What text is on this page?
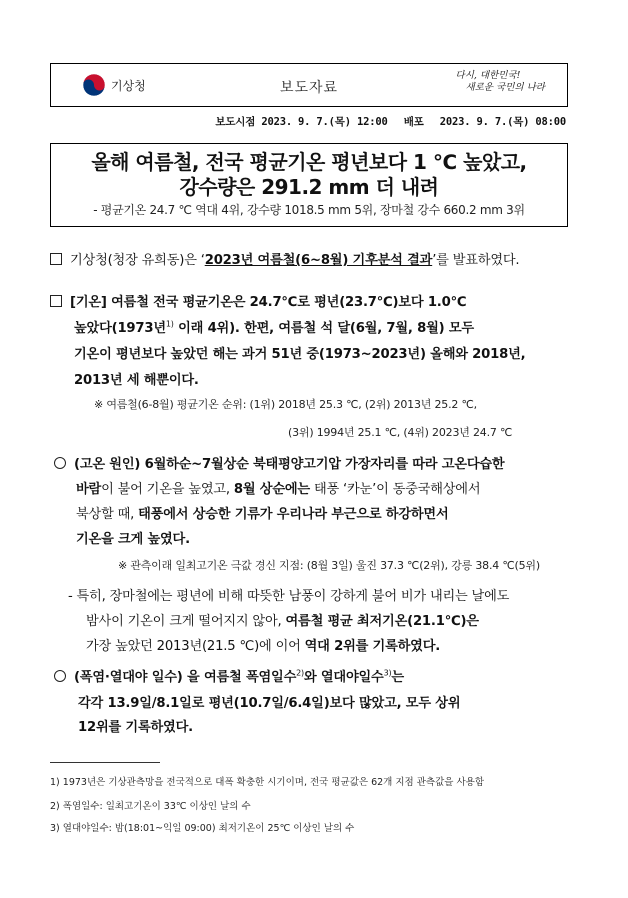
기상청	보도자료
다시, 대한민국!
새로운 국민의 나라
보도시점 2023. 9. 7.(목) 12:00 배포 2023. 9. 7.(목) 08:00
올해 여름철, 전국 평균기온 평년보다 1 ℃ 높았고,
강수량은 291.2 mm 더 내려
- 평균기온 24.7 ℃ 역대 4위, 강수량 1018.5 mm 5위, 장마철 강수 660.2 mm 3위
기상청(청장 유희동)은 ‘2023년 여름철(6~8월) 기후분석 결과’를 발표하였다.
[기온] 여름철 전국 평균기온은 24.7℃로 평년(23.7℃)보다 1.0℃
높았다(1973년$^{1)}$ 이래 4위). 한편, 여름철 석 달(6월, 7월, 8월) 모두
기온이 평년보다 높았던 해는 과거 51년 중(1973~2023년) 올해와 2018년,
2013년 세 해뿐이다.
※ 여름철(6-8월) 평균기온 순위: (1위) 2018년 25.3 ℃, (2위) 2013년 25.2 ℃,
(3위) 1994년 25.1 ℃, (4위) 2023년 24.7 ℃
(고온 원인) 6월하순~7월상순 북태평양고기압 가장자리를 따라 고온다습한
바람이 불어 기온을 높였고, 8월 상순에는 태풍 ‘카눈’이 동중국해상에서
북상할 때, 태풍에서 상승한 기류가 우리나라 부근으로 하강하면서
기온을 크게 높였다.
※ 관측이래 일최고기온 극값 경신 지점: (8월 3일) 울진 37.3 ℃(2위), 강릉 38.4 ℃(5위)
- 특히, 장마철에는 평년에 비해 따뜻한 남풍이 강하게 불어 비가 내리는 날에도
밤사이 기온이 크게 떨어지지 않아, 여름철 평균 최저기온(21.1℃)은
가장 높았던 2013년(21.5 ℃)에 이어 역대 2위를 기록하였다.
(폭염·열대야 일수) 을 여름철 폭염일수$^{2)}$와 열대야일수$^{3)}$는
각각 13.9일/8.1일로 평년(10.7일/6.4일)보다 많았고, 모두 상위
12위를 기록하였다.
1) 1973년은 기상관측망을 전국적으로 대폭 확충한 시기이며, 전국 평균값은 62개 지점 관측값을 사용함
2) 폭염일수: 일최고기온이 33℃ 이상인 날의 수
3) 열대야일수: 밤(18:01~익일 09:00) 최저기온이 25℃ 이상인 날의 수
